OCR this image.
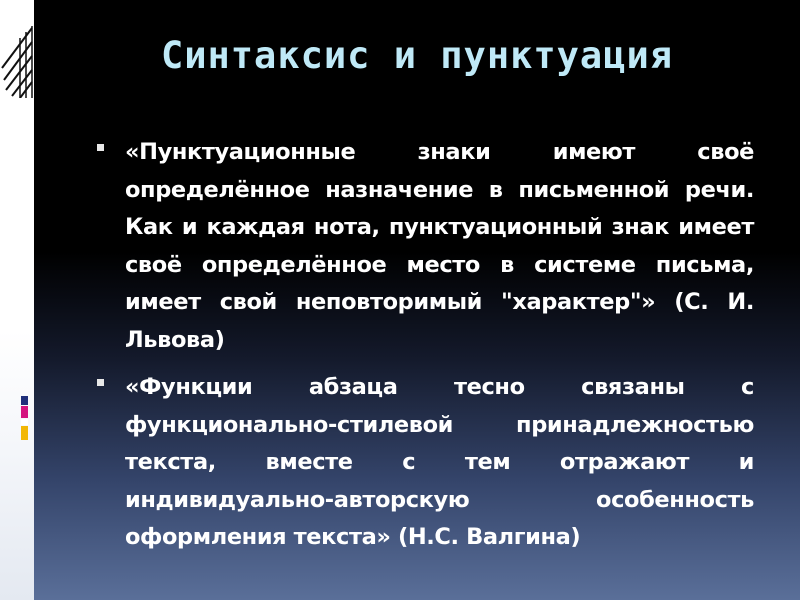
Синтаксис и пунктуация
«Пунктуационные знаки имеют своё определённое назначение в письменной речи. Как и каждая нота, пунктуационный знак имеет своё определённое место в системе письма, имеет свой неповторимый "характер"» (С. И. Львова)
«Функции абзаца тесно связаны с функционально-стилевой принадлежностью текста, вместе с тем отражают и индивидуально-авторскую особенность оформления текста» (Н.С. Валгина)
